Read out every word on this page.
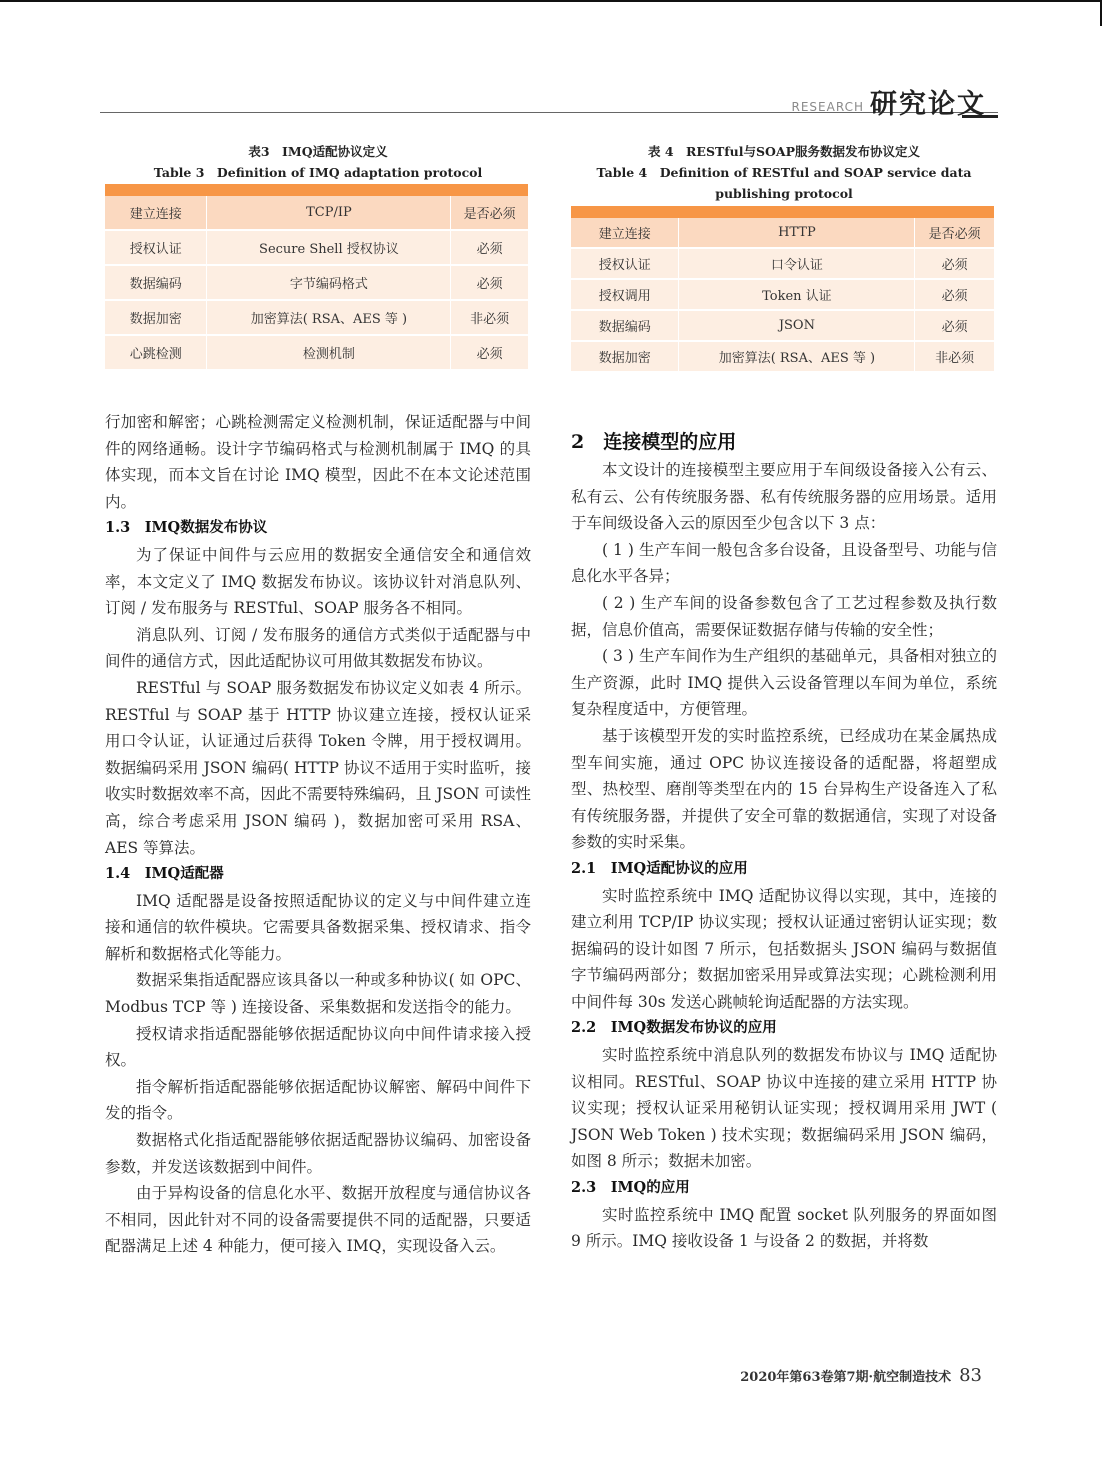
RESEARCH 研究论文
表3　IMQ适配协议定义
Table 3　Definition of IMQ adaptation protocol

建立连接	TCP/IP	是否必须
授权认证	Secure Shell 授权协议	必须
数据编码	字节编码格式	必须
数据加密	加密算法( RSA、AES 等 )	非必须
心跳检测	检测机制	必须
表 4　RESTful与SOAP服务数据发布协议定义
Table 4　Definition of RESTful and SOAP service data
publishing protocol

建立连接	HTTP	是否必须
授权认证	口令认证	必须
授权调用	Token 认证	必须
数据编码	JSON	必须
数据加密	加密算法( RSA、AES 等 )	非必须

行加密和解密；心跳检测需定义检测机制，保证适配器与中间件的网络通畅。设计字节编码格式与检测机制属于 IMQ 的具体实现，而本文旨在讨论 IMQ 模型，因此不在本文论述范围内。

1.3　IMQ数据发布协议

为了保证中间件与云应用的数据安全通信安全和通信效率，本文定义了 IMQ 数据发布协议。该协议针对消息队列、订阅 / 发布服务与 RESTful、SOAP 服务各不相同。

消息队列、订阅 / 发布服务的通信方式类似于适配器与中间件的通信方式，因此适配协议可用做其数据发布协议。

RESTful 与 SOAP 服务数据发布协议定义如表 4 所示。RESTful 与 SOAP 基于 HTTP 协议建立连接，授权认证采用口令认证，认证通过后获得 Token 令牌，用于授权调用。数据编码采用 JSON 编码( HTTP 协议不适用于实时监听，接收实时数据效率不高，因此不需要特殊编码，且 JSON 可读性高，综合考虑采用 JSON 编码 )，数据加密可采用 RSA、AES 等算法。

1.4　IMQ适配器

IMQ 适配器是设备按照适配协议的定义与中间件建立连接和通信的软件模块。它需要具备数据采集、授权请求、指令解析和数据格式化等能力。

数据采集指适配器应该具备以一种或多种协议( 如 OPC、Modbus TCP 等 ) 连接设备、采集数据和发送指令的能力。

授权请求指适配器能够依据适配协议向中间件请求接入授权。

指令解析指适配器能够依据适配协议解密、解码中间件下发的指令。

数据格式化指适配器能够依据适配器协议编码、加密设备参数，并发送该数据到中间件。

由于异构设备的信息化水平、数据开放程度与通信协议各不相同，因此针对不同的设备需要提供不同的适配器，只要适配器满足上述 4 种能力，便可接入 IMQ，实现设备入云。

2　连接模型的应用

本文设计的连接模型主要应用于车间级设备接入公有云、私有云、公有传统服务器、私有传统服务器的应用场景。适用于车间级设备入云的原因至少包含以下 3 点：

( 1 ) 生产车间一般包含多台设备，且设备型号、功能与信息化水平各异；

( 2 ) 生产车间的设备参数包含了工艺过程参数及执行数据，信息价值高，需要保证数据存储与传输的安全性；

( 3 ) 生产车间作为生产组织的基础单元，具备相对独立的生产资源，此时 IMQ 提供入云设备管理以车间为单位，系统复杂程度适中，方便管理。

基于该模型开发的实时监控系统，已经成功在某金属热成型车间实施，通过 OPC 协议连接设备的适配器，将超塑成型、热校型、磨削等类型在内的 15 台异构生产设备连入了私有传统服务器，并提供了安全可靠的数据通信，实现了对设备参数的实时采集。

2.1　IMQ适配协议的应用

实时监控系统中 IMQ 适配协议得以实现，其中，连接的建立利用 TCP/IP 协议实现；授权认证通过密钥认证实现；数据编码的设计如图 7 所示，包括数据头 JSON 编码与数据值字节编码两部分；数据加密采用异或算法实现；心跳检测利用中间件每 30s 发送心跳帧轮询适配器的方法实现。

2.2　IMQ数据发布协议的应用

实时监控系统中消息队列的数据发布协议与 IMQ 适配协议相同。RESTful、SOAP 协议中连接的建立采用 HTTP 协议实现；授权认证采用秘钥认证实现；授权调用采用 JWT ( JSON Web Token ) 技术实现；数据编码采用 JSON 编码，如图 8 所示；数据未加密。

2.3　IMQ的应用

实时监控系统中 IMQ 配置 socket 队列服务的界面如图 9 所示。IMQ 接收设备 1 与设备 2 的数据，并将数

2020年第63卷第7期·航空制造技术 83
